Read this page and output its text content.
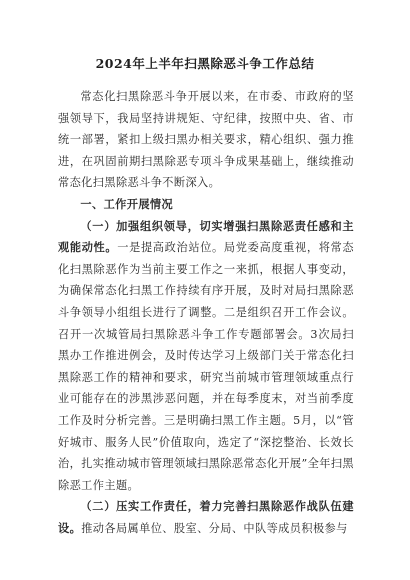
2024年上半年扫黑除恶斗争工作总结

常态化扫黑除恶斗争开展以来，在市委、市政府的坚强领导下，我局坚持讲规矩、守纪律，按照中央、省、市统一部署，紧扣上级扫黑办相关要求，精心组织、强力推进，在巩固前期扫黑除恶专项斗争成果基础上，继续推动常态化扫黑除恶斗争不断深入。

一、工作开展情况

（一）加强组织领导，切实增强扫黑除恶责任感和主观能动性。一是提高政治站位。局党委高度重视，将常态化扫黑除恶作为当前主要工作之一来抓，根据人事变动，为确保常态化扫黑工作持续有序开展，及时对局扫黑除恶斗争领导小组组长进行了调整。二是组织召开工作会议。召开一次城管局扫黑除恶斗争工作专题部署会。3次局扫黑办工作推进例会，及时传达学习上级部门关于常态化扫黑除恶工作的精神和要求，研究当前城市管理领域重点行业可能存在的涉黑涉恶问题，并在每季度末，对当前季度工作及时分析完善。三是明确扫黑工作主题。5月，以“管好城市、服务人民”价值取向，选定了“深挖整治、长效长治，扎实推动城市管理领域扫黑除恶常态化开展”全年扫黑除恶工作主题。

（二）压实工作责任，着力完善扫黑除恶作战队伍建设。推动各局属单位、股室、分局、中队等成员积极参与
